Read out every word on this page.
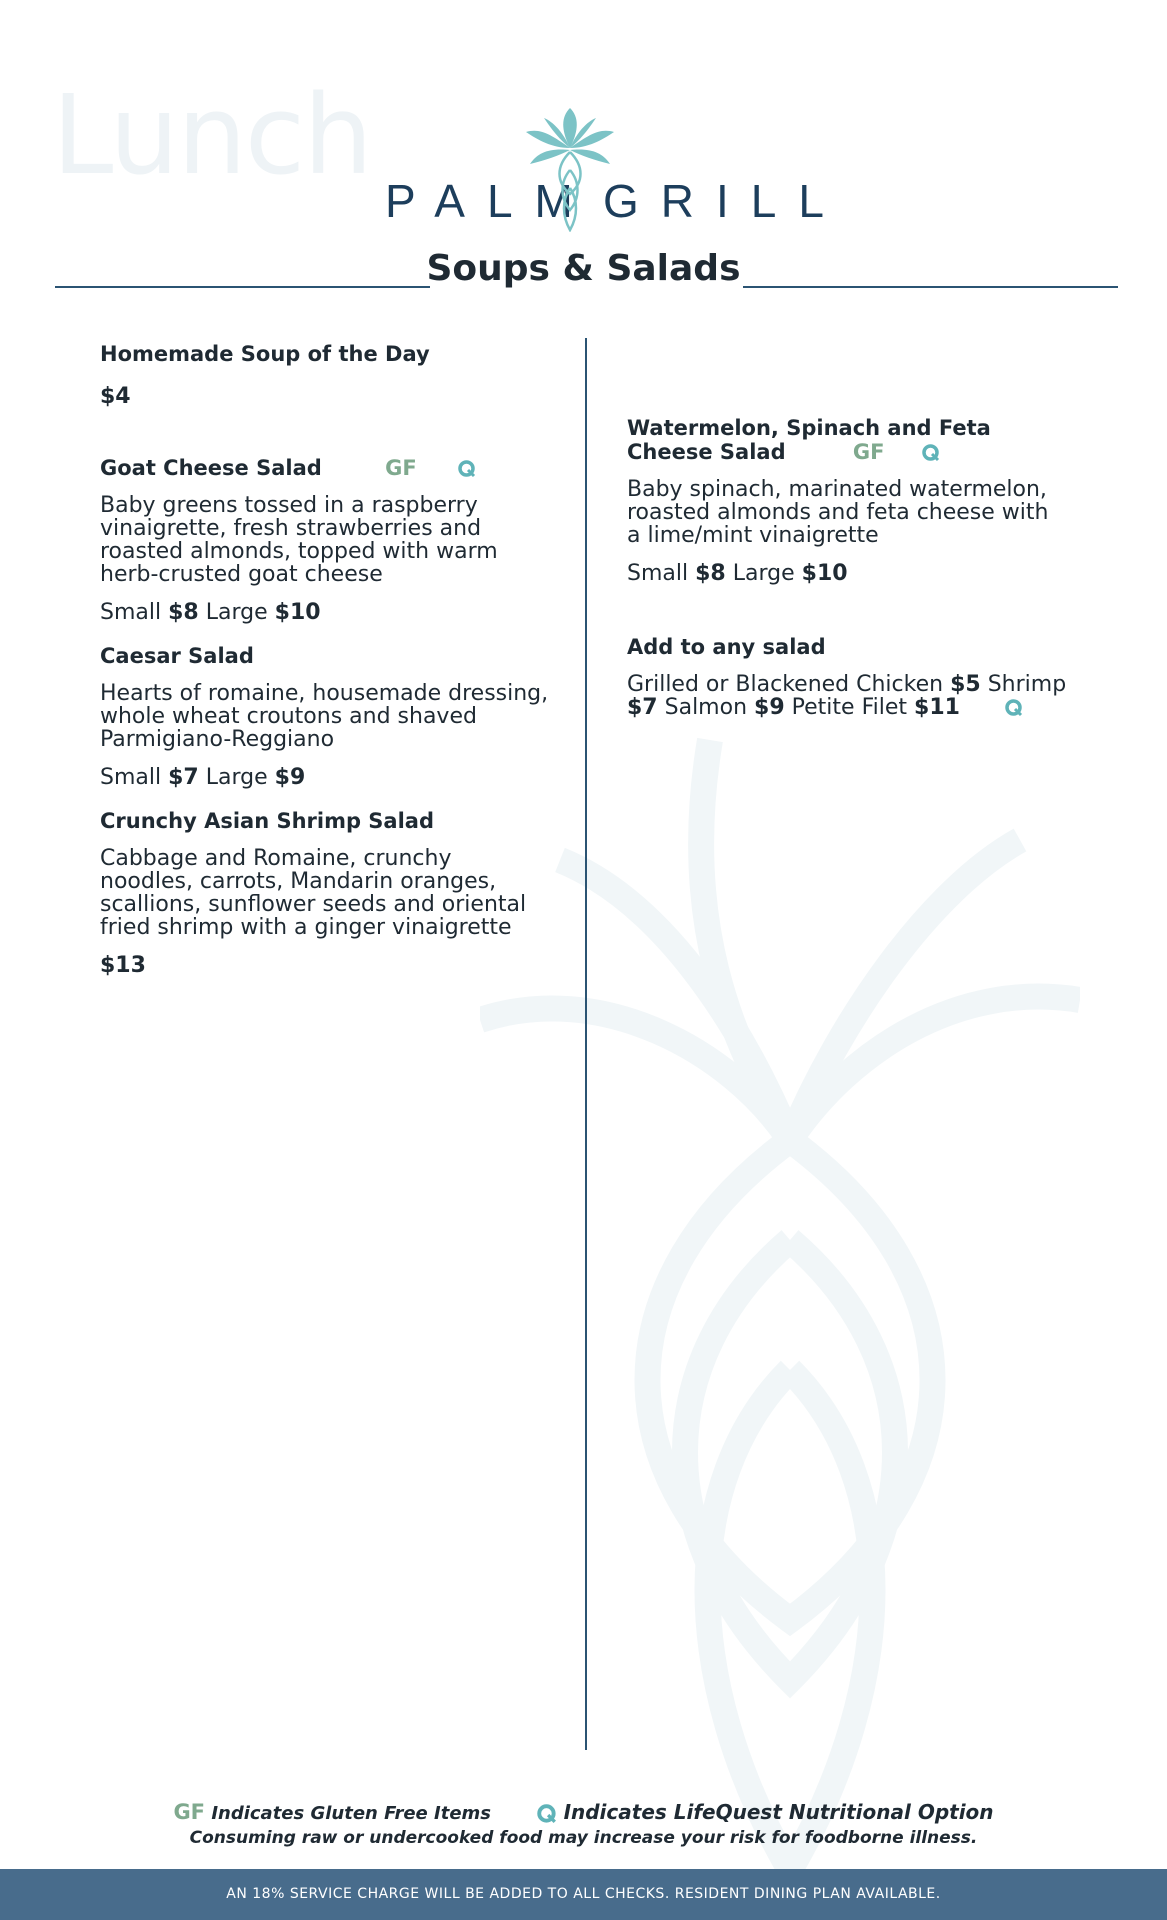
Lunch
PALM GRILL
Soups & Salads

Homemade Soup of the Day

$4

Goat Cheese Salad	GF

Baby greens tossed in a raspberry vinaigrette, fresh strawberries and roasted almonds, topped with warm herb-crusted goat cheese

Small $8 Large $10

Caesar Salad

Hearts of romaine, housemade dressing, whole wheat croutons and shaved Parmigiano-Reggiano

Small $7 Large $9

Crunchy Asian Shrimp Salad

Cabbage and Romaine, crunchy noodles, carrots, Mandarin oranges, scallions, sunflower seeds and oriental fried shrimp with a ginger vinaigrette

$13

Watermelon, Spinach and Feta Cheese Salad	GF

Baby spinach, marinated watermelon, roasted almonds and feta cheese with a lime/mint vinaigrette

Small $8 Large $10

Add to any salad

Grilled or Blackened Chicken $5 Shrimp $7 Salmon $9 Petite Filet $11

GF Indicates Gluten Free Items	Indicates LifeQuest Nutritional Option
Consuming raw or undercooked food may increase your risk for foodborne illness.
AN 18% SERVICE CHARGE WILL BE ADDED TO ALL CHECKS. RESIDENT DINING PLAN AVAILABLE.
